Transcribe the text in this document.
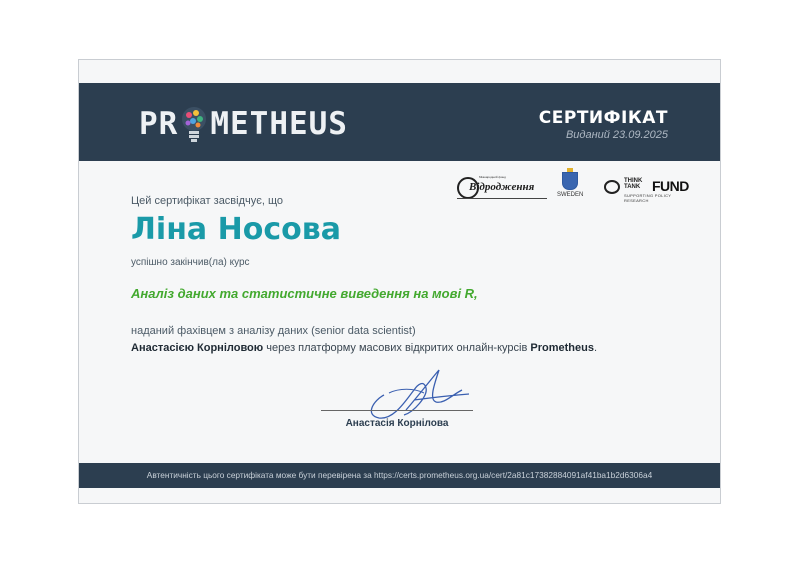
PR METHEUS	СЕРТИФІКАТ
Виданий 23.09.2025
Міжнародний фонд
Відродження
SWEDEN
THINK
TANK FUND
SUPPORTING POLICY RESEARCH
Цей сертифікат засвідчує, що
Ліна Носова
успішно закінчив(ла) курс
Аналіз даних та статистичне виведення на мові R,
наданий фахівцем з аналізу даних (senior data scientist)
Анастасією Корніловою через платформу масових відкритих онлайн-курсів Prometheus.
Анастасія Корнілова
Автентичність цього сертифіката може бути перевірена за https://certs.prometheus.org.ua/cert/2a81c17382884091af41ba1b2d6306a4
